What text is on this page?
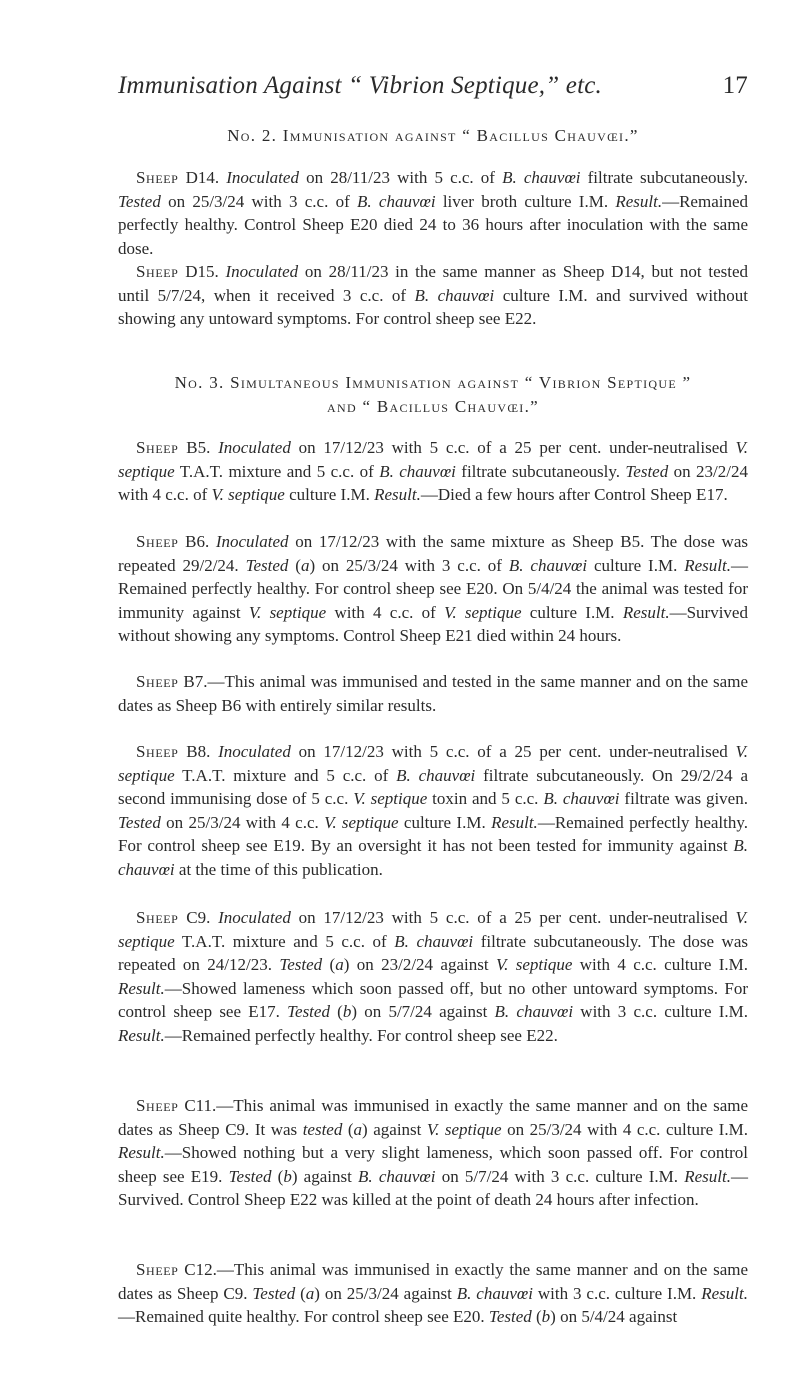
Immunisation Against “ Vibrion Septique,” etc.	17
No. 2. Immunisation against “ Bacillus Chauvœi.”

Sheep D14. Inoculated on 28/11/23 with 5 c.c. of B. chauvœi filtrate subcutaneously. Tested on 25/3/24 with 3 c.c. of B. chauvœi liver broth culture I.M. Result.—Remained perfectly healthy. Control Sheep E20 died 24 to 36 hours after inoculation with the same dose.

Sheep D15. Inoculated on 28/11/23 in the same manner as Sheep D14, but not tested until 5/7/24, when it received 3 c.c. of B. chauvœi culture I.M. and survived without showing any untoward symptoms. For control sheep see E22.

No. 3. Simultaneous Immunisation against “ Vibrion Septique ”
and “ Bacillus Chauvœi.”

Sheep B5. Inoculated on 17/12/23 with 5 c.c. of a 25 per cent. under-neutralised V. septique T.A.T. mixture and 5 c.c. of B. chauvœi filtrate subcutaneously. Tested on 23/2/24 with 4 c.c. of V. septique culture I.M. Result.—Died a few hours after Control Sheep E17.

Sheep B6. Inoculated on 17/12/23 with the same mixture as Sheep B5. The dose was repeated 29/2/24. Tested (a) on 25/3/24 with 3 c.c. of B. chauvœi culture I.M. Result.—Remained perfectly healthy. For control sheep see E20. On 5/4/24 the animal was tested for immunity against V. septique with 4 c.c. of V. septique culture I.M. Result.—Survived without showing any symptoms. Control Sheep E21 died within 24 hours.

Sheep B7.—This animal was immunised and tested in the same manner and on the same dates as Sheep B6 with entirely similar results.

Sheep B8. Inoculated on 17/12/23 with 5 c.c. of a 25 per cent. under-neutralised V. septique T.A.T. mixture and 5 c.c. of B. chauvœi filtrate subcutaneously. On 29/2/24 a second immunising dose of 5 c.c. V. septique toxin and 5 c.c. B. chauvœi filtrate was given. Tested on 25/3/24 with 4 c.c. V. septique culture I.M. Result.—Remained perfectly healthy. For control sheep see E19. By an oversight it has not been tested for immunity against B. chauvœi at the time of this publication.

Sheep C9. Inoculated on 17/12/23 with 5 c.c. of a 25 per cent. under-neutralised V. septique T.A.T. mixture and 5 c.c. of B. chauvœi filtrate subcutaneously. The dose was repeated on 24/12/23. Tested (a) on 23/2/24 against V. septique with 4 c.c. culture I.M. Result.—Showed lameness which soon passed off, but no other untoward symptoms. For control sheep see E17. Tested (b) on 5/7/24 against B. chauvœi with 3 c.c. culture I.M. Result.—Remained perfectly healthy. For control sheep see E22.

Sheep C11.—This animal was immunised in exactly the same manner and on the same dates as Sheep C9. It was tested (a) against V. septique on 25/3/24 with 4 c.c. culture I.M. Result.—Showed nothing but a very slight lameness, which soon passed off. For control sheep see E19. Tested (b) against B. chauvœi on 5/7/24 with 3 c.c. culture I.M. Result.—Survived. Control Sheep E22 was killed at the point of death 24 hours after infection.

Sheep C12.—This animal was immunised in exactly the same manner and on the same dates as Sheep C9. Tested (a) on 25/3/24 against B. chauvœi with 3 c.c. culture I.M. Result.—Remained quite healthy. For control sheep see E20. Tested (b) on 5/4/24 against
